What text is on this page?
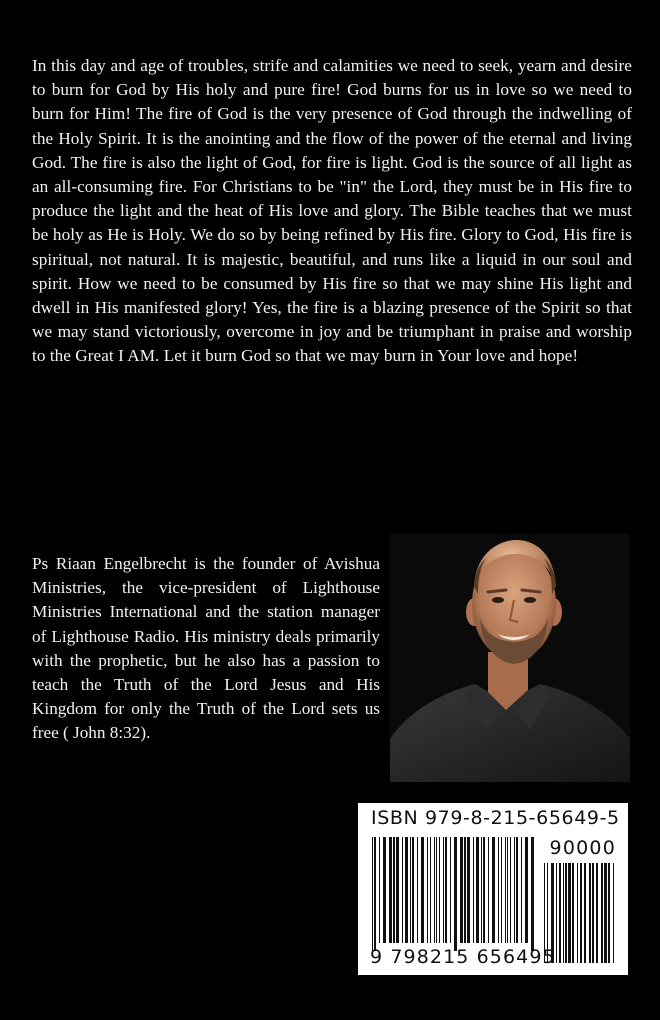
In this day and age of troubles, strife and calamities we need to seek, yearn and desire to burn for God by His holy and pure fire! God burns for us in love so we need to burn for Him! The fire of God is the very presence of God through the indwelling of the Holy Spirit. It is the anointing and the flow of the power of the eternal and living God. The fire is also the light of God, for fire is light. God is the source of all light as an all-consuming fire. For Christians to be "in" the Lord, they must be in His fire to produce the light and the heat of His love and glory. The Bible teaches that we must be holy as He is Holy. We do so by being refined by His fire. Glory to God, His fire is spiritual, not natural. It is majestic, beautiful, and runs like a liquid in our soul and spirit. How we need to be consumed by His fire so that we may shine His light and dwell in His manifested glory! Yes, the fire is a blazing presence of the Spirit so that we may stand victoriously, overcome in joy and be triumphant in praise and worship to the Great I AM. Let it burn God so that we may burn in Your love and hope!

Ps Riaan Engelbrecht is the founder of Avishua Ministries, the vice-president of Lighthouse Ministries International and the station manager of Lighthouse Radio. His ministry deals primarily with the prophetic, but he also has a passion to teach the Truth of the Lord Jesus and His Kingdom for only the Truth of the Lord sets us free ( John 8:32).

ISBN 979-8-215-65649-5
90000
9 798215 656495
